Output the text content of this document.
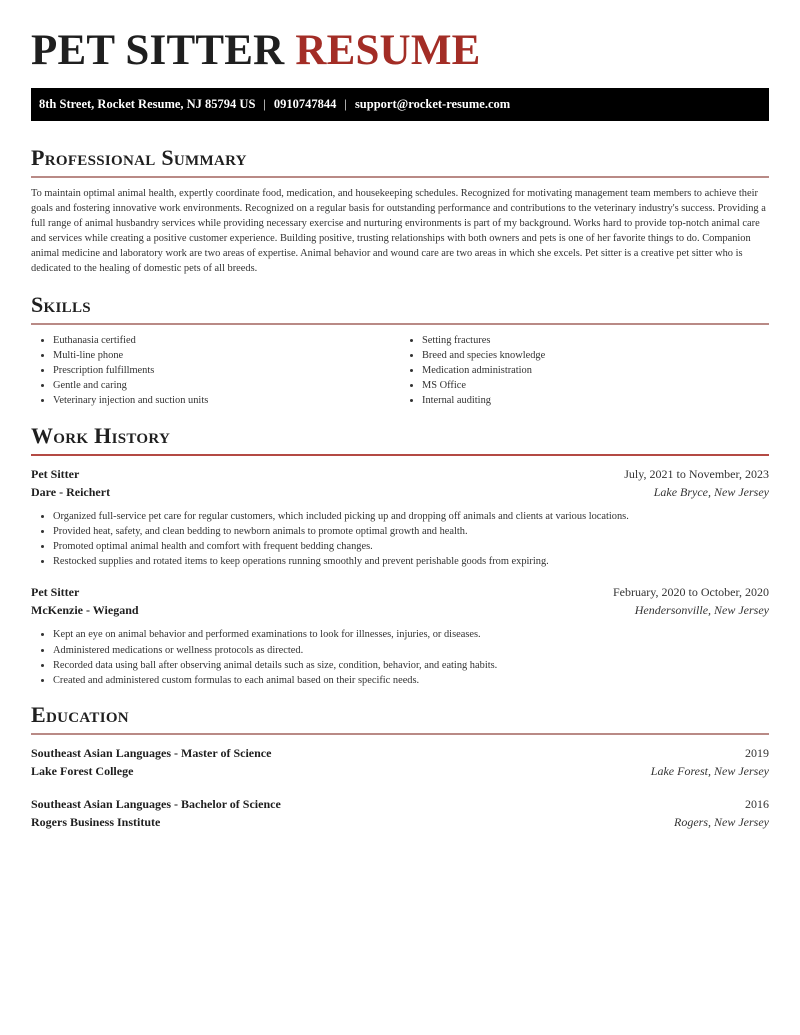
PET SITTER RESUME
8th Street, Rocket Resume, NJ 85794 US | 0910747844 | support@rocket-resume.com
Professional Summary

To maintain optimal animal health, expertly coordinate food, medication, and housekeeping schedules. Recognized for motivating management team members to achieve their goals and fostering innovative work environments. Recognized on a regular basis for outstanding performance and contributions to the veterinary industry's success. Providing a full range of animal husbandry services while providing necessary exercise and nurturing environments is part of my background. Works hard to provide top-notch animal care and services while creating a positive customer experience. Building positive, trusting relationships with both owners and pets is one of her favorite things to do. Companion animal medicine and laboratory work are two areas of expertise. Animal behavior and wound care are two areas in which she excels. Pet sitter is a creative pet sitter who is dedicated to the healing of domestic pets of all breeds.

Skills
• Euthanasia certified
• Multi-line phone
• Prescription fulfillments
• Gentle and caring
• Veterinary injection and suction units
• Setting fractures
• Breed and species knowledge
• Medication administration
• MS Office
• Internal auditing
Work History
Pet Sitter	July, 2021 to November, 2023
Dare - Reichert	Lake Bryce, New Jersey
• Organized full-service pet care for regular customers, which included picking up and dropping off animals and clients at various locations.
• Provided heat, safety, and clean bedding to newborn animals to promote optimal growth and health.
• Promoted optimal animal health and comfort with frequent bedding changes.
• Restocked supplies and rotated items to keep operations running smoothly and prevent perishable goods from expiring.
Pet Sitter	February, 2020 to October, 2020
McKenzie - Wiegand	Hendersonville, New Jersey
• Kept an eye on animal behavior and performed examinations to look for illnesses, injuries, or diseases.
• Administered medications or wellness protocols as directed.
• Recorded data using ball after observing animal details such as size, condition, behavior, and eating habits.
• Created and administered custom formulas to each animal based on their specific needs.
Education
Southeast Asian Languages - Master of Science	2019
Lake Forest College	Lake Forest, New Jersey
Southeast Asian Languages - Bachelor of Science	2016
Rogers Business Institute	Rogers, New Jersey
